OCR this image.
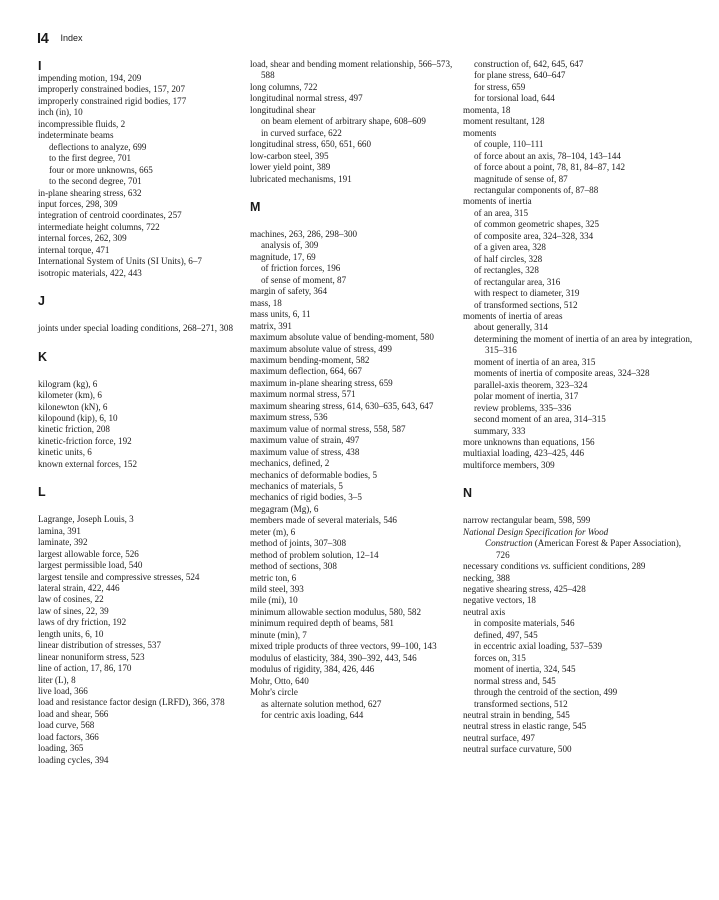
I4 Index
I
impending motion, 194, 209
improperly constrained bodies, 157, 207
improperly constrained rigid bodies, 177
inch (in), 10
incompressible fluids, 2
indeterminate beams
deflections to analyze, 699
to the first degree, 701
four or more unknowns, 665
to the second degree, 701
in-plane shearing stress, 632
input forces, 298, 309
integration of centroid coordinates, 257
intermediate height columns, 722
internal forces, 262, 309
internal torque, 471
International System of Units (SI Units), 6–7
isotropic materials, 422, 443
J
joints under special loading conditions, 268–271, 308
K
kilogram (kg), 6
kilometer (km), 6
kilonewton (kN), 6
kilopound (kip), 6, 10
kinetic friction, 208
kinetic-friction force, 192
kinetic units, 6
known external forces, 152
L
Lagrange, Joseph Louis, 3
lamina, 391
laminate, 392
largest allowable force, 526
largest permissible load, 540
largest tensile and compressive stresses, 524
lateral strain, 422, 446
law of cosines, 22
law of sines, 22, 39
laws of dry friction, 192
length units, 6, 10
linear distribution of stresses, 537
linear nonuniform stress, 523
line of action, 17, 86, 170
liter (L), 8
live load, 366
load and resistance factor design (LRFD), 366, 378
load and shear, 566
load curve, 568
load factors, 366
loading, 365
loading cycles, 394
load, shear and bending moment relationship, 566–573, 588
long columns, 722
longitudinal normal stress, 497
longitudinal shear
on beam element of arbitrary shape, 608–609
in curved surface, 622
longitudinal stress, 650, 651, 660
low-carbon steel, 395
lower yield point, 389
lubricated mechanisms, 191
M
machines, 263, 286, 298–300
analysis of, 309
magnitude, 17, 69
of friction forces, 196
of sense of moment, 87
margin of safety, 364
mass, 18
mass units, 6, 11
matrix, 391
maximum absolute value of bending-moment, 580
maximum absolute value of stress, 499
maximum bending-moment, 582
maximum deflection, 664, 667
maximum in-plane shearing stress, 659
maximum normal stress, 571
maximum shearing stress, 614, 630–635, 643, 647
maximum stress, 536
maximum value of normal stress, 558, 587
maximum value of strain, 497
maximum value of stress, 438
mechanics, defined, 2
mechanics of deformable bodies, 5
mechanics of materials, 5
mechanics of rigid bodies, 3–5
megagram (Mg), 6
members made of several materials, 546
meter (m), 6
method of joints, 307–308
method of problem solution, 12–14
method of sections, 308
metric ton, 6
mild steel, 393
mile (mi), 10
minimum allowable section modulus, 580, 582
minimum required depth of beams, 581
minute (min), 7
mixed triple products of three vectors, 99–100, 143
modulus of elasticity, 384, 390–392, 443, 546
modulus of rigidity, 384, 426, 446
Mohr, Otto, 640
Mohr's circle
as alternate solution method, 627
for centric axis loading, 644
construction of, 642, 645, 647
for plane stress, 640–647
for stress, 659
for torsional load, 644
momenta, 18
moment resultant, 128
moments
of couple, 110–111
of force about an axis, 78–104, 143–144
of force about a point, 78, 81, 84–87, 142
magnitude of sense of, 87
rectangular components of, 87–88
moments of inertia
of an area, 315
of common geometric shapes, 325
of composite area, 324–328, 334
of a given area, 328
of half circles, 328
of rectangles, 328
of rectangular area, 316
with respect to diameter, 319
of transformed sections, 512
moments of inertia of areas
about generally, 314
determining the moment of inertia of an area by integration, 315–316
moment of inertia of an area, 315
moments of inertia of composite areas, 324–328
parallel-axis theorem, 323–324
polar moment of inertia, 317
review problems, 335–336
second moment of an area, 314–315
summary, 333
more unknowns than equations, 156
multiaxial loading, 423–425, 446
multiforce members, 309
N
narrow rectangular beam, 598, 599
National Design Specification for Wood
Construction (American Forest & Paper Association), 726
necessary conditions vs. sufficient conditions, 289
necking, 388
negative shearing stress, 425–428
negative vectors, 18
neutral axis
in composite materials, 546
defined, 497, 545
in eccentric axial loading, 537–539
forces on, 315
moment of inertia, 324, 545
normal stress and, 545
through the centroid of the section, 499
transformed sections, 512
neutral strain in bending, 545
neutral stress in elastic range, 545
neutral surface, 497
neutral surface curvature, 500
